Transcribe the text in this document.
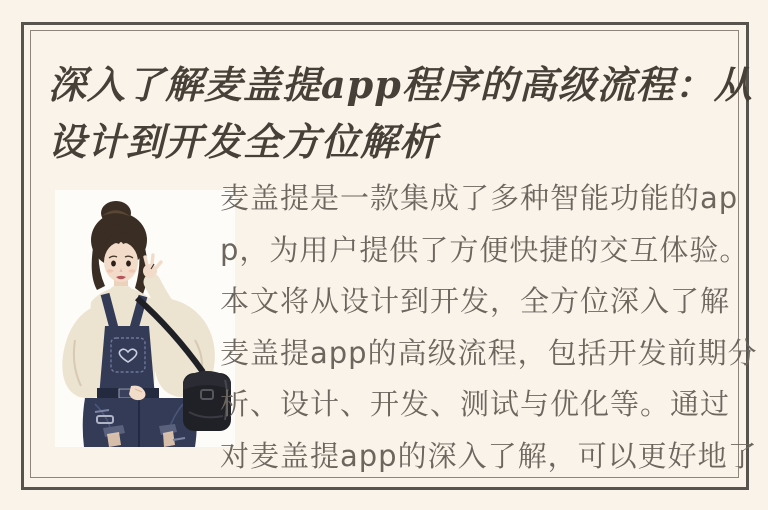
深入了解麦盖提app程序的高级流程：从
设计到开发全方位解析

麦盖提是一款集成了多种智能功能的ap
p，为用户提供了方便快捷的交互体验。
本文将从设计到开发，全方位深入了解
麦盖提app的高级流程，包括开发前期分
析、设计、开发、测试与优化等。通过
对麦盖提app的深入了解，可以更好地了
